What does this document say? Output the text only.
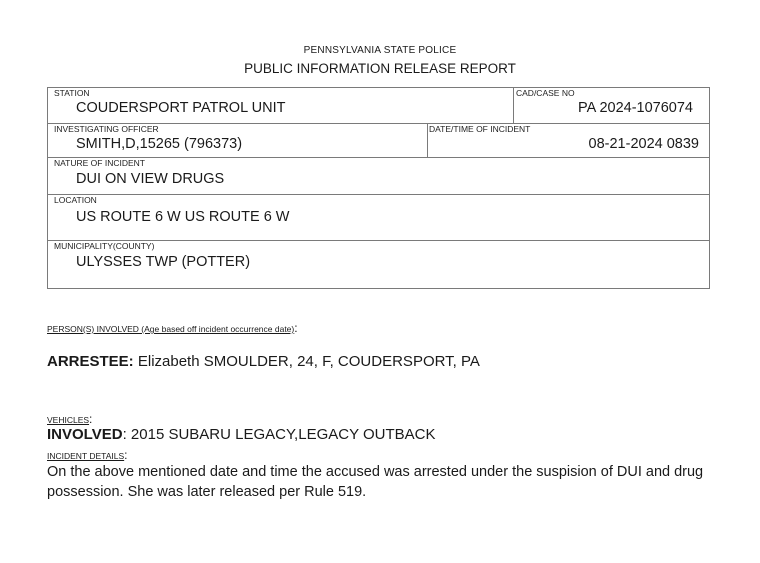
PENNSYLVANIA STATE POLICE
PUBLIC INFORMATION RELEASE REPORT
STATION
COUDERSPORT PATROL UNIT
CAD/CASE NO
PA 2024-1076074
INVESTIGATING OFFICER
SMITH,D,15265 (796373)
DATE/TIME OF INCIDENT
08-21-2024 0839
NATURE OF INCIDENT
DUI ON VIEW DRUGS
LOCATION
US ROUTE 6 W US ROUTE 6 W
MUNICIPALITY(COUNTY)
ULYSSES TWP (POTTER)
PERSON(S) INVOLVED (Age based off incident occurrence date):
ARRESTEE: Elizabeth SMOULDER, 24, F, COUDERSPORT, PA
VEHICLES:
INVOLVED: 2015 SUBARU LEGACY,LEGACY OUTBACK
INCIDENT DETAILS:
On the above mentioned date and time the accused was arrested under the suspision of DUI and drug possession. She was later released per Rule 519.
